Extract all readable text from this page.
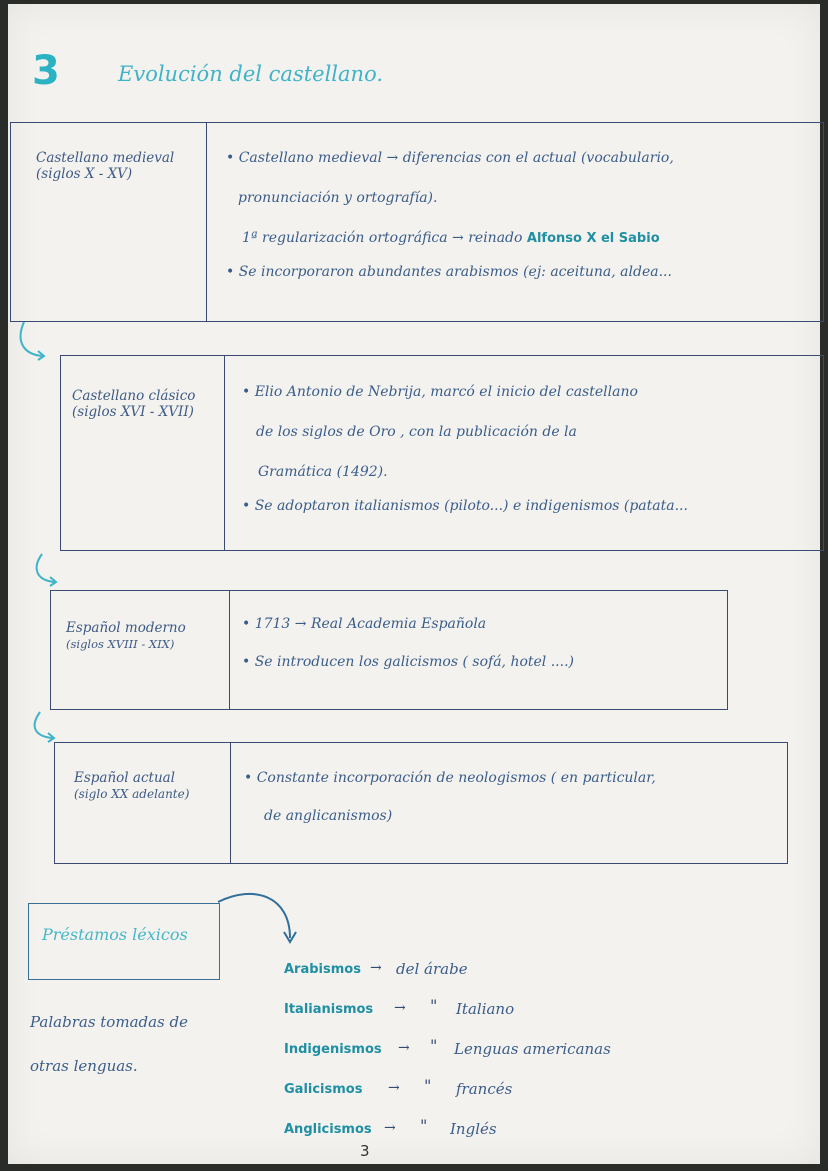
3	Evolución del castellano.
Castellano medieval
(siglos X - XV)

• Castellano medieval → diferencias con el actual (vocabulario,

pronunciación y ortografía).

1ª regularización ortográfica → reinado Alfonso X el Sabio

• Se incorporaron abundantes arabismos (ej: aceituna, aldea...

Castellano clásico
(siglos XVI - XVII)

• Elio Antonio de Nebrija, marcó el inicio del castellano

de los siglos de Oro , con la publicación de la

Gramática (1492).

• Se adoptaron italianismos (piloto...) e indigenismos (patata...

Español moderno
(siglos XVIII - XIX)

• 1713 → Real Academia Española

• Se introducen los galicismos ( sofá, hotel ....)

Español actual
(siglo XX adelante)

• Constante incorporación de neologismos ( en particular,

de anglicanismos)

Préstamos léxicos
Palabras tomadas de
otras lenguas.
Arabismos → del árabe
Italianismos → " Italiano
Indigenismos → " Lenguas americanas
Galicismos → " francés
Anglicismos → " Inglés
3
